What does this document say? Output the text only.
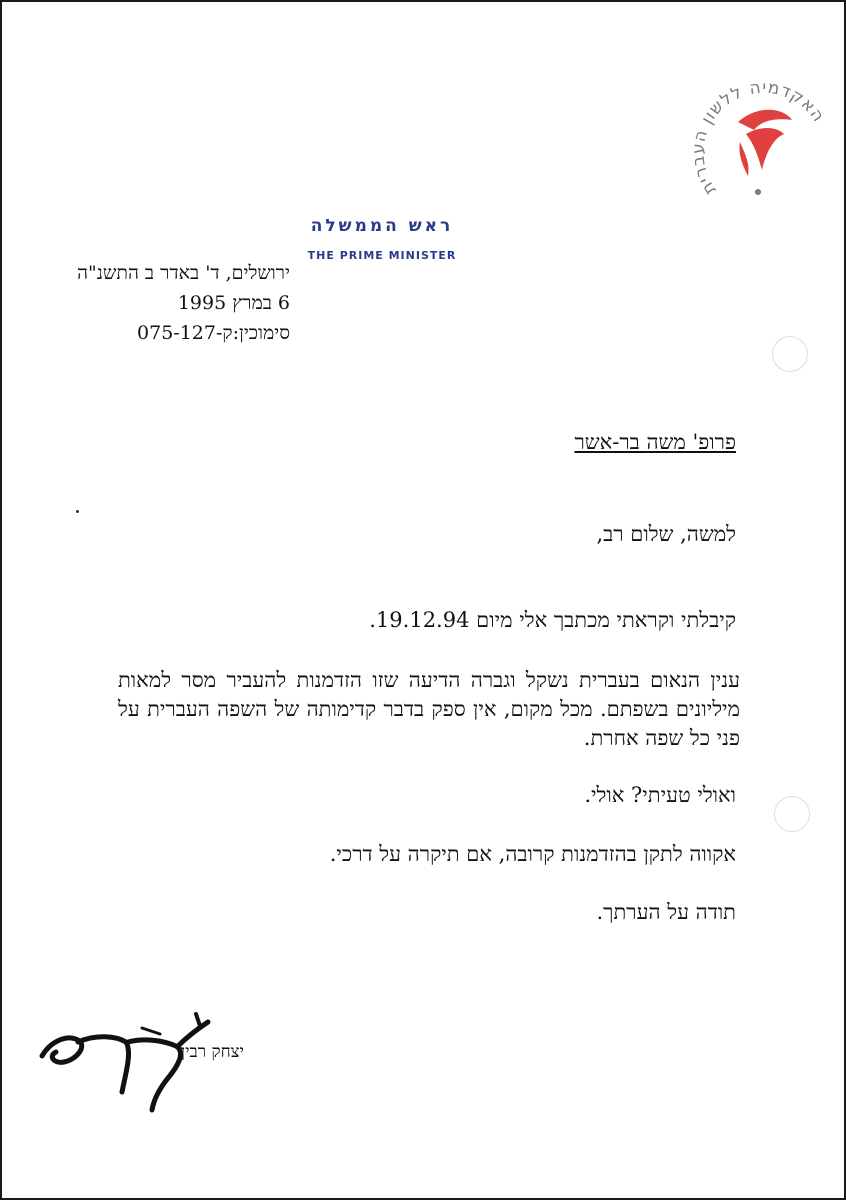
האקדמיה ללשון העברית
ראש הממשלה
THE PRIME MINISTER
ירושלים, ד' באדר ב התשנ"ה
6 במרץ 1995
סימוכין:ק-075-127
פרופ' משה בר-אשר
למשה, שלום רב,
קיבלתי וקראתי מכתבך אלי מיום 19.12.94.
ענין הנאום בעברית נשקל וגברה הדיעה שזו הזדמנות להעביר מסר למאות מיליונים בשפתם. מכל מקום, אין ספק בדבר קדימותה של השפה העברית על פני כל שפה אחרת.
ואולי טעיתי? אולי.
אקווה לתקן בהזדמנות קרובה, אם תיקרה על דרכי.
תודה על הערתך.
יצחק רבין
